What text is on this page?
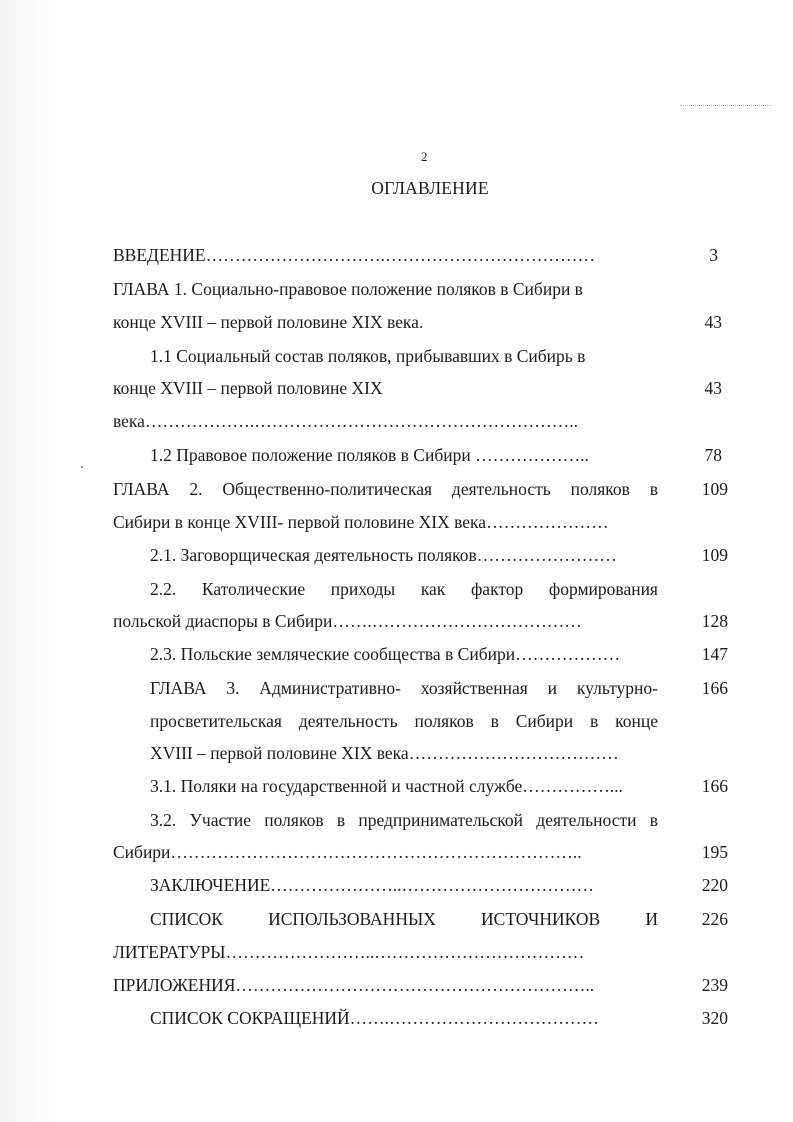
2
ОГЛАВЛЕНИЕ
ВВЕДЕНИЕ………………………….………………………………	3
ГЛАВА 1. Социально-правовое положение поляков в Сибири в
конце XVIII – первой половине XIX века.	43
1.1 Социальный состав поляков, прибывавших в Сибирь в
конце XVIII – первой половине XIX	43
века……………….………………………………………………..
1.2 Правовое положение поляков в Сибири ………………..	78
ГЛАВА 2. Общественно-политическая деятельность поляков в	109
Сибири в конце XVIII- первой половине XIX века…………………
2.1. Заговорщическая деятельность поляков……………………	109
2.2. Католические приходы как фактор формирования
польской диаспоры в Сибири…….………………………………	128
2.3. Польские земляческие сообщества в Сибири………………	147
ГЛАВА 3. Административно- хозяйственная и культурно-	166
просветительская деятельность поляков в Сибири в конце
XVIII – первой половине XIX века………………………………
3.1. Поляки на государственной и частной службе……………...	166
3.2. Участие поляков в предпринимательской деятельности в
Сибири……………………………………………………………..	195
ЗАКЛЮЧЕНИЕ…………………..……………………………	220
СПИСОК ИСПОЛЬЗОВАННЫХ ИСТОЧНИКОВ И	226
ЛИТЕРАТУРЫ……………………..………………………………
ПРИЛОЖЕНИЯ……………………………………………………..	239
СПИСОК СОКРАЩЕНИЙ…….………………………………	320
